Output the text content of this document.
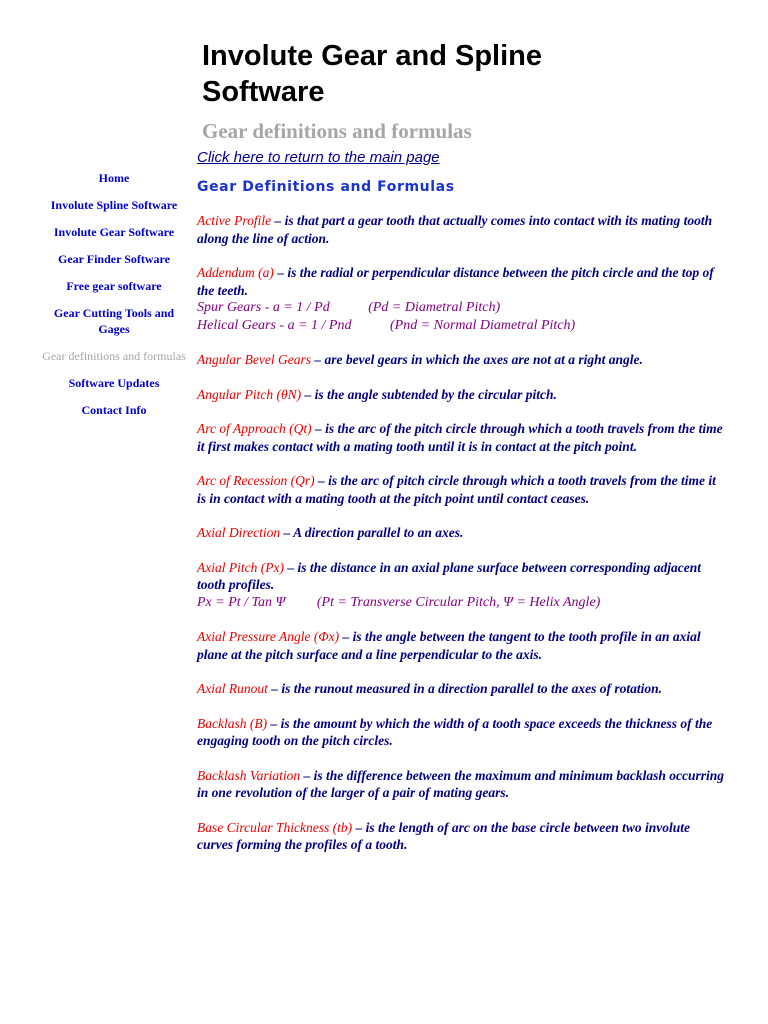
Involute Gear and Spline
Software
Gear definitions and formulas
Home
Involute Spline Software
Involute Gear Software
Gear Finder Software
Free gear software
Gear Cutting Tools and Gages
Gear definitions and formulas
Software Updates
Contact Info
Click here to return to the main page
Gear Definitions and Formulas

Active Profile – is that part a gear tooth that actually comes into contact with its mating tooth along the line of action.

Addendum (a) – is the radial or perpendicular distance between the pitch circle and the top of the teeth.
Spur Gears - a = 1 / Pd           (Pd = Diametral Pitch)
Helical Gears - a = 1 / Pnd           (Pnd = Normal Diametral Pitch)

Angular Bevel Gears – are bevel gears in which the axes are not at a right angle.

Angular Pitch (θN) – is the angle subtended by the circular pitch.

Arc of Approach (Qt) – is the arc of the pitch circle through which a tooth travels from the time it first makes contact with a mating tooth until it is in contact at the pitch point.

Arc of Recession (Qr) – is the arc of pitch circle through which a tooth travels from the time it is in contact with a mating tooth at the pitch point until contact ceases.

Axial Direction – A direction parallel to an axes.

Axial Pitch (Px) – is the distance in an axial plane surface between corresponding adjacent tooth profiles.
Px = Pt / Tan Ψ         (Pt = Transverse Circular Pitch, Ψ = Helix Angle)

Axial Pressure Angle (Φx) – is the angle between the tangent to the tooth profile in an axial plane at the pitch surface and a line perpendicular to the axis.

Axial Runout – is the runout measured in a direction parallel to the axes of rotation.

Backlash (B) – is the amount by which the width of a tooth space exceeds the thickness of the engaging tooth on the pitch circles.

Backlash Variation – is the difference between the maximum and minimum backlash occurring in one revolution of the larger of a pair of mating gears.

Base Circular Thickness (tb) – is the length of arc on the base circle between two involute curves forming the profiles of a tooth.
